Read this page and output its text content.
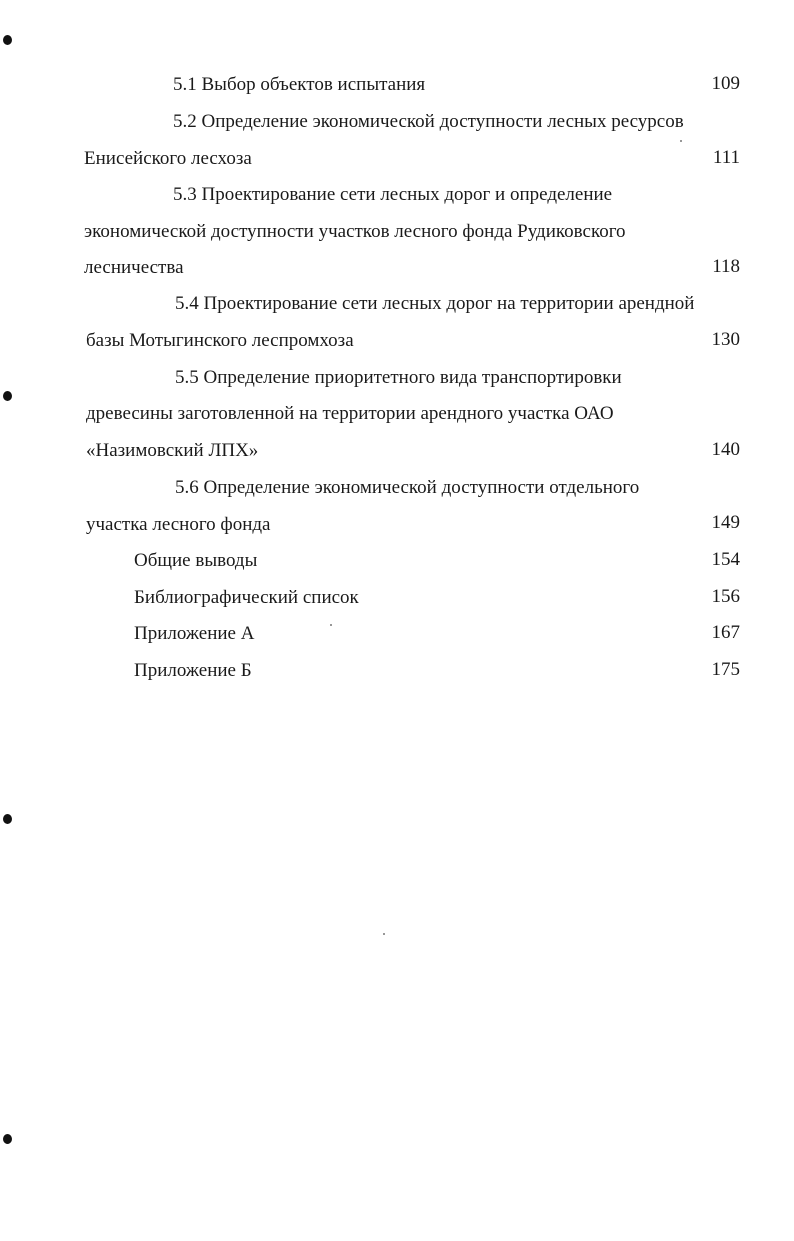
5.1 Выбор объектов испытания	109
5.2 Определение экономической доступности лесных ресурсов
Енисейского лесхоза	111
5.3 Проектирование сети лесных дорог и определение
экономической доступности участков лесного фонда Рудиковского
лесничества	118
5.4 Проектирование сети лесных дорог на территории арендной
базы Мотыгинского леспромхоза	130
5.5 Определение приоритетного вида транспортировки
древесины заготовленной на территории арендного участка ОАО
«Назимовский ЛПХ»	140
5.6 Определение экономической доступности отдельного
участка лесного фонда	149
Общие выводы	154
Библиографический список	156
Приложение А	167
Приложение Б	175
